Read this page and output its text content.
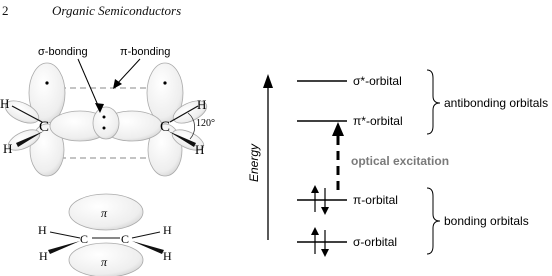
2	Organic Semiconductors
C	C
H
H
H
H
120°
σ-bonding	π-bonding
π
π
C	C
H
H
H
H
Energy
σ*-orbital
π*-orbital
π-orbital
σ-orbital
optical excitation
antibonding orbitals
bonding orbitals
